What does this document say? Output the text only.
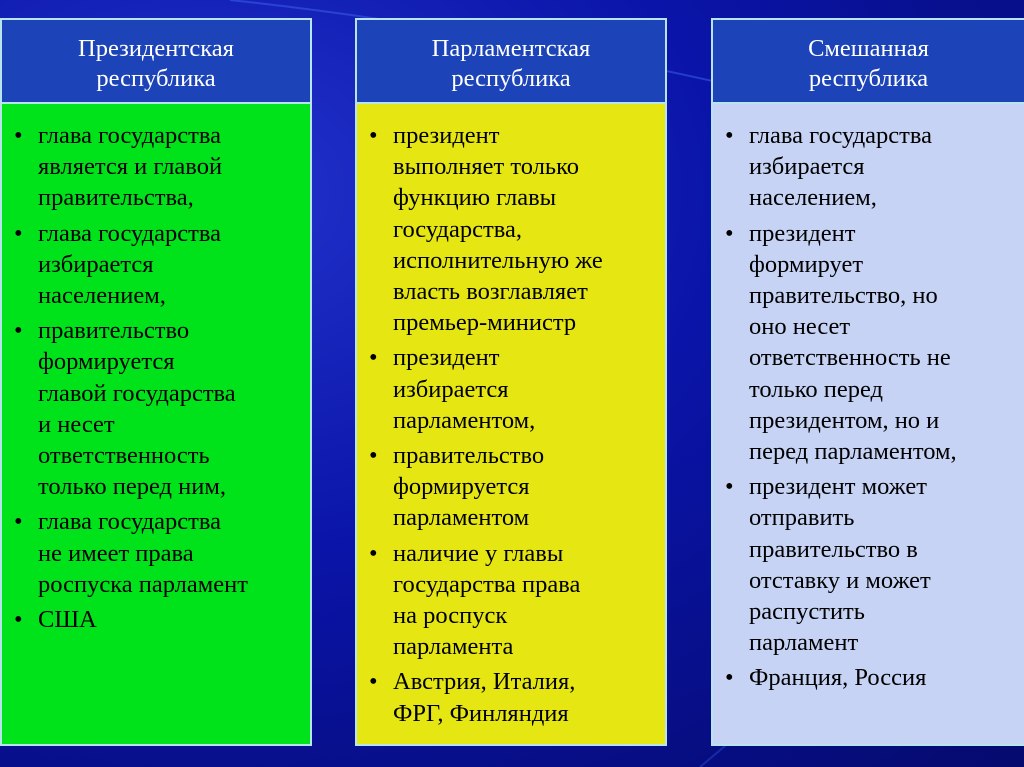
Президентская
республика
• глава государства
является и главой
правительства,
• глава государства
избирается
населением,
• правительство
формируется
главой государства
и несет
ответственность
только перед ним,
• глава государства
не имеет права
роспуска парламент
• США
Парламентская
республика
• президент
выполняет только
функцию главы
государства,
исполнительную же
власть возглавляет
премьер-министр
• президент
избирается
парламентом,
• правительство
формируется
парламентом
• наличие у главы
государства права
на роспуск
парламента
• Австрия, Италия,
ФРГ, Финляндия
Смешанная
республика
• глава государства
избирается
населением,
• президент
формирует
правительство, но
оно несет
ответственность не
только перед
президентом, но и
перед парламентом,
• президент может
отправить
правительство в
отставку и может
распустить
парламент
• Франция, Россия
